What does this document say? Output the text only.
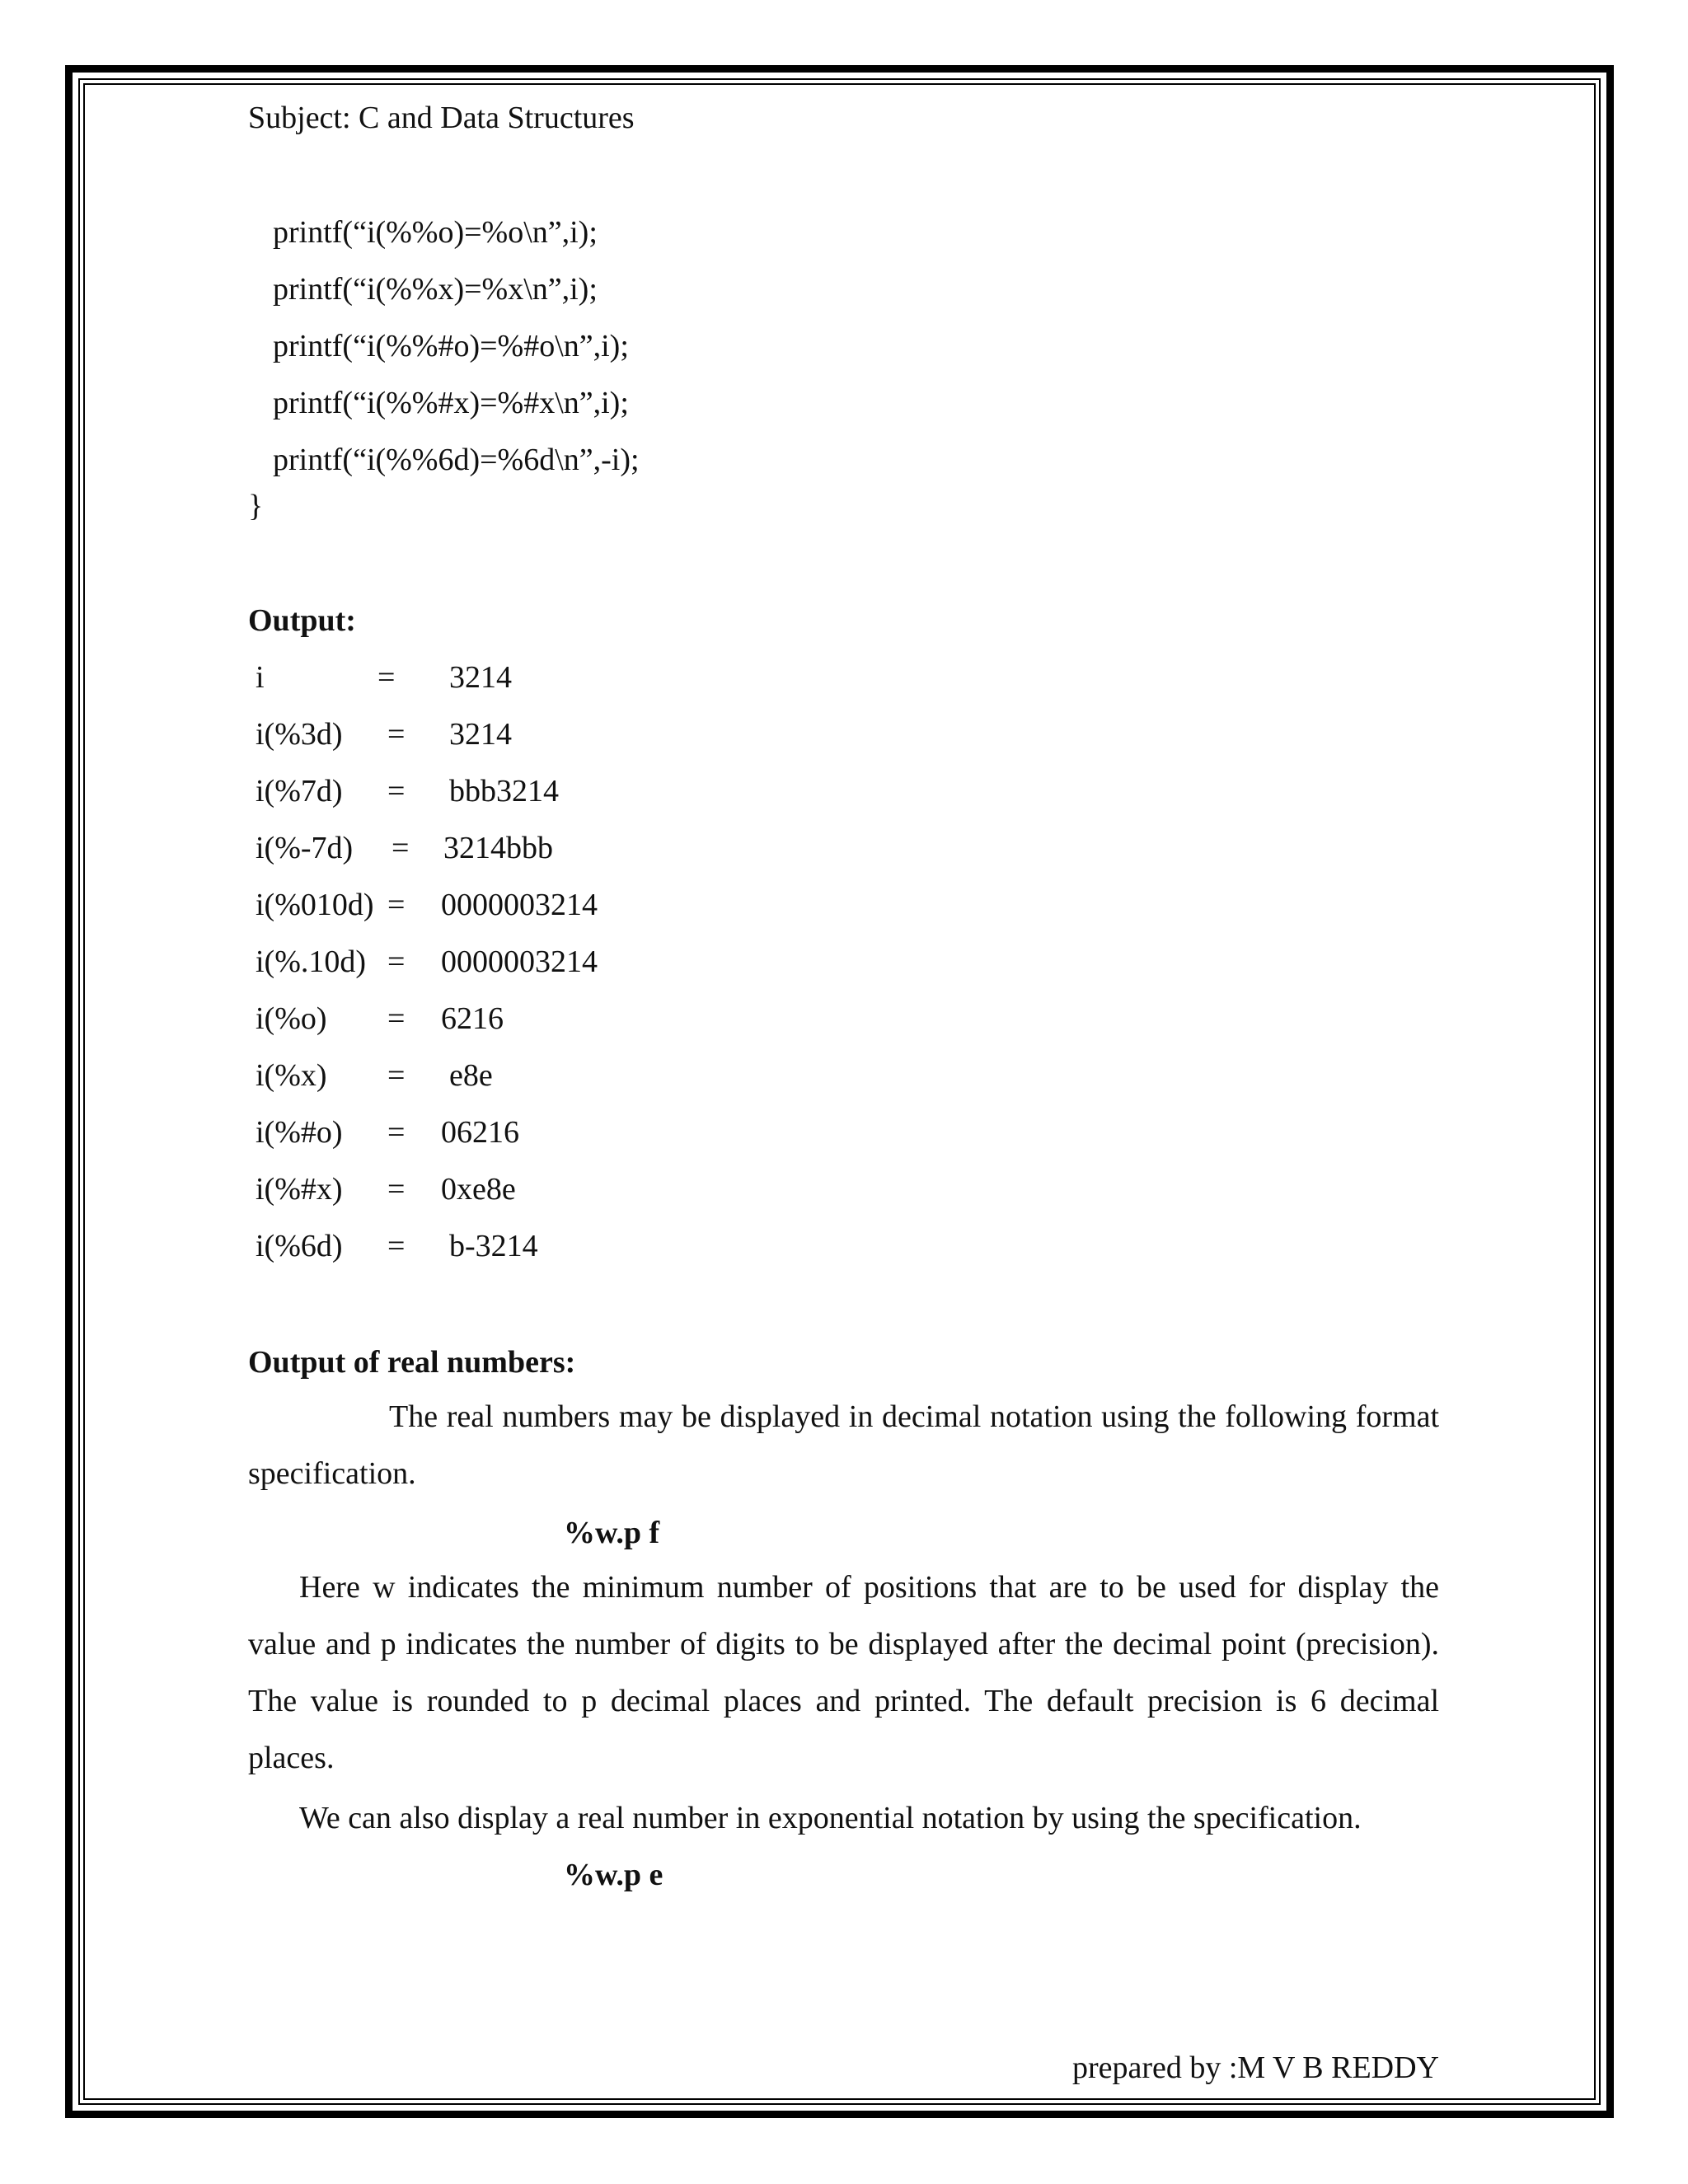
Subject: C and Data Structures
printf(“i(%%o)=%o\n”,i);
printf(“i(%%x)=%x\n”,i);
printf(“i(%%#o)=%#o\n”,i);
printf(“i(%%#x)=%#x\n”,i);
printf(“i(%%6d)=%6d\n”,-i);
}
Output:
i	= 3214
i(%3d) = 3214
i(%7d) = bbb3214
i(%-7d) = 3214bbb
i(%010d) = 0000003214
i(%.10d) = 0000003214
i(%o) = 6216
i(%x) = e8e
i(%#o) = 06216
i(%#x) = 0xe8e
i(%6d) = b-3214
Output of real numbers:

The real numbers may be displayed in decimal notation using the following format specification.

%w.p f

Here w indicates the minimum number of positions that are to be used for display the value and p indicates the number of digits to be displayed after the decimal point (precision). The value is rounded to p decimal places and printed. The default precision is 6 decimal places.

We can also display a real number in exponential notation by using the specification.
%w.p e
prepared by :M V B REDDY
